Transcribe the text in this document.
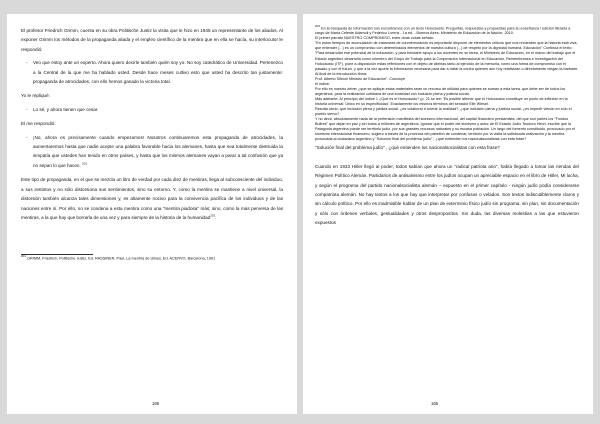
El profesor Friedrich Grimm, cuenta en su obra Politische Justiz la visita que le hizo en 1945 un representante de los aliados. Al exponer Grimm los métodos de la propaganda aliada y el empleo científico de la mentira que en ella se hacía, su interlocutor le respondió:

- Veo que estoy ante un experto. Ahora quiero decirle también quién soy yo. No soy catedrático de Universidad. Pertenezco a la Central de la que me ha hablado usted. Desde hace meses cultivo esto que usted ha descrito tan justamente: propaganda de atrocidades, con ello hemos ganado la victoria total.

Yo le repliqué:

- Lo sé, y ahora tienen que cesar.

El me respondió:

- ¡No, ahora es precisamente cuando empezamos! Nosotros continuaremos esta propaganda de atrocidades, la aumentaremos hasta que nadie acepte una palabra favorable hacia los alemanes, hasta que sea totalmente destruida la simpatía que ustedes han tenido en otros países, y hasta que los mismos alemanes vayan a parar a tal confusión que ya no sepan lo que hacen. $^{201}$

Este tipo de propaganda, en el que se mezcla un litro de verdad por cada diez de mentiras, llega al subconsciente del individuo, a sus instintos y no sólo distorsiona sus sentimientos, sino su entorno. Y, como la mentira se mantiene a nivel universal, la distorsión también alcanza tales dimensiones y, es altamente nocivo para la convivencia pacífica de los individuos y de las naciones entre sí. Por ello, no se condena a esta mentira como una "mentira piadosa" más; sino, como la más perversa de las mentiras, a la que hay que borrarla de una vez y para siempre de la historia de la humanidad$^{202}$.

$^{201}$ GRIMM, Friedrich, Politische Justiz, Ed. RASSINER, Paul, La mentira de Ulises, Ed. ACERVO, Barcelona, 1961

168

$^{202}$ En la búsqueda de información nos encontramos con un texto Holocausto: Preguntas, respuestas y propuestas para su enseñanza / edición literaria a cargo de María Celeste Adamoli y Federico Lorenz - 1a ed. - Buenos Aires: Ministerio de Educación de la Nación, 2010.

El primer párrafo NUESTRO COMPROMISO, entre otras cosas señala:

"En estos tiempos de acumulación de instancias de conmemoración es importante disponer de elementos críticos que nos recuerden que la historia está viva, que entender (...) es un compromiso con determinados elementos de nuestra cultura (...) de respeto por la dignidad humana. Educación" Continúa el texto:

"Para desarrollar ese potencial de la educación, y para brindarle apoyo a los docentes en su tarea, el Ministerio de Educación, en el marco del trabajo que el Estado argentino desarrolla como miembro del Grupo de Trabajo para la Cooperación Internacional en Educación, Remembranza e Investigación del Holocausto (ITF), pone a disposición estas reflexiones con el objeto de abrirlas tanto al ejercicio de la memoria, como una forma de compromiso con el pasado y con el futuro, y que a la vez aporte la información necesaria para dar a tratar la contra quienes aún hoy relativizan o directamente niegan la barbarie. Al final de la introducción firma:

Prof. Alberto Sileoni Ministro de Educación". Concluye

el índice:

Por ello es nuestro deber ¿que se aplique estas materiales sean un recurso de utilidad para quienes se suman a esta tarea, que debe ser de todos los argentinos, para la realización cotidiana de una sociedad con inclusión plena y justicia social.

Más adelante: Al principio del índice 1 ¿Qué es el Holocausto? (p. 21 se lee: 'Es posible afirmar que el Holocausto constituye un punto de inflexión en la historia universal: Único en su especificidad'. Exactamente los mismos términos del senador Elie Wiesel.

Resulta obvio, que inclusión plena y justicia social, ¿es colaborar e tolerar la realidad?, ¿que inclusión plena y justicia social, ¿es impedir viendo en sólo el pueblo siervo?

Y no decir, absolutamente nada de la pretensión manifiesta del sionismo internacional, del capital financiero prestamista, del que son partes los "Fondos Buitres" que dejan en paz y sin todos a millones de argentinos. Ignorar que el poder del sionismo y autor de El Estado Judío Teodoro Herzl, escribe que la Patagonia argentina puede ser territorio judío, por sus grandes recursos naturales y su escasa población. Un largo del fomento constituido, provocado por el sionismo internacional financiero, sugiero a través de la provincia del pabellón de condenar, territorio por la visita la sofisticada realización y la mentira provocada al ciudadano argentino y "Solución final del problema judío" , ¿qué entienden los nacionalsocialistas con esta frase?

"Solución final del problema judío" , ¿qué entienden los nacionalsocialistas con esta frase?

Cuando en 1933 Hitler llegó al poder, todos sabían que ahora un "radical patriota ario", había llegado a tomar las riendas del Régimen Político Alemán. Partidarios de antisalvismo entre los judíos ocupan un apreciable espacio en el libro de Hitler, Mi lucha, y según el programa del partido nacionalsocialista alemán – expuesto en el primer capítulo - ningún judío podía considerarse compatriota alemán. No hay textos a los que hay que interpretar por confusos o velados. Son textos indiscutiblemente claros y sin cálculo político. Por ello es inadmisible hablar de un plan de exterminio físico judío sin programa, sin plan, sin documentación y sólo con órdenes verbales, gestualidades y otros desproposítos. Sin duda, las diversas molestias a las que estuvieron expuestos

165
